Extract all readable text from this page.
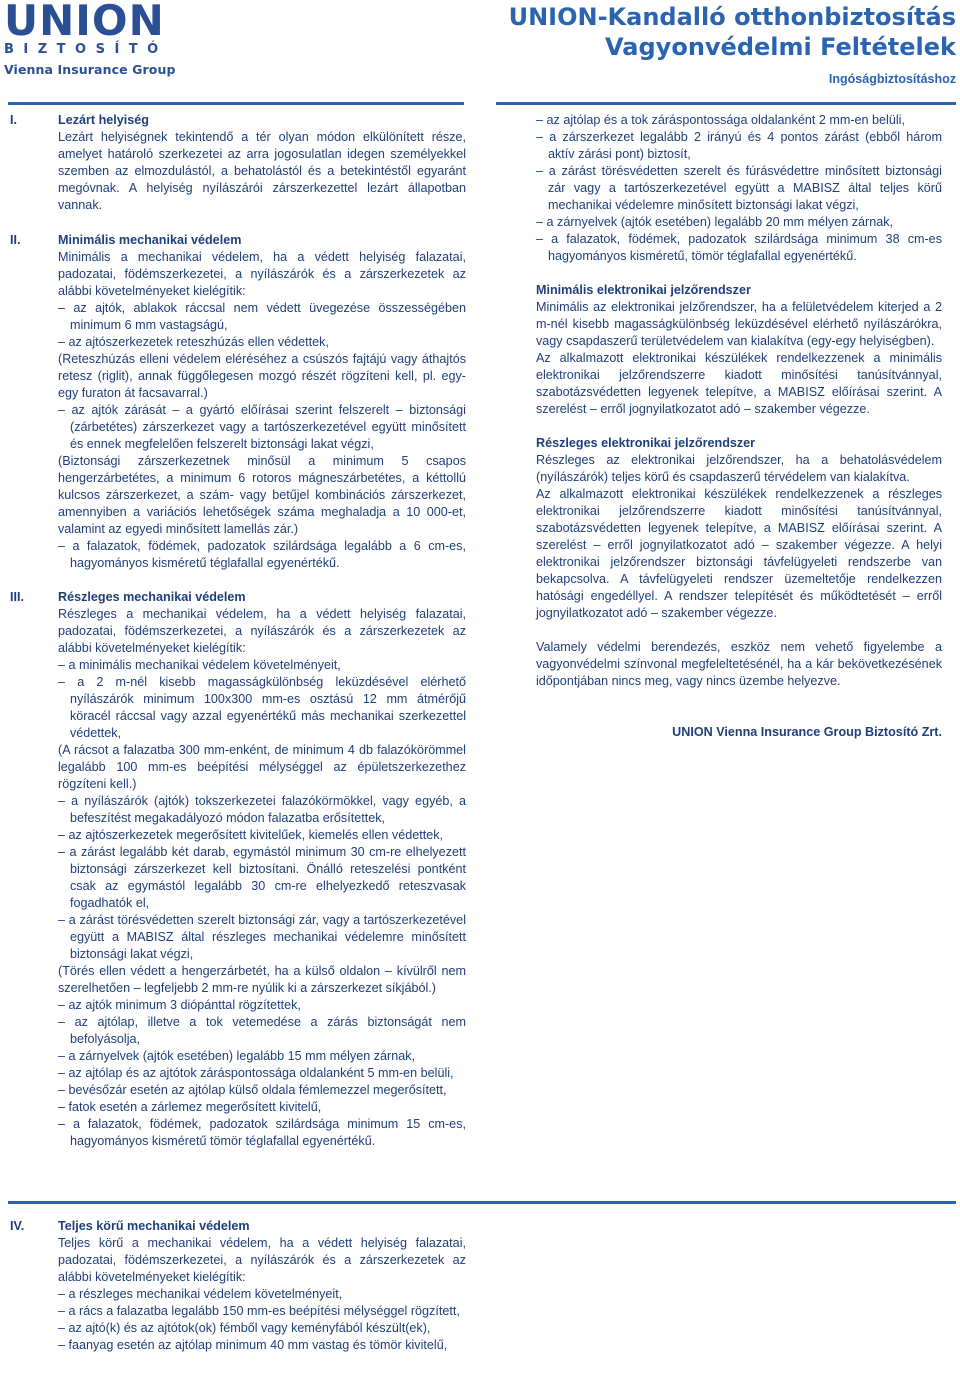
UNION
BIZTOSÍTÓ
Vienna Insurance Group
UNION-Kandalló otthonbiztosítás
Vagyonvédelmi Feltételek
Ingóságbiztosításhoz
I.	Lezárt helyiség

Lezárt helyiségnek tekintendő a tér olyan módon elkülönített része, amelyet határoló szerkezetei az arra jogosulatlan idegen személyekkel szemben az elmozdulástól, a behatolástól és a betekintéstől egyaránt megóvnak. A helyiség nyílászárói zárszerkezettel lezárt állapotban vannak.

II.	Minimális mechanikai védelem

Minimális a mechanikai védelem, ha a védett helyiség falazatai, padozatai, födémszerkezetei, a nyílászárók és a zárszerkezetek az alábbi követelményeket kielégítik:

– az ajtók, ablakok ráccsal nem védett üvegezése összességében minimum 6 mm vastagságú,

– az ajtószerkezetek reteszhúzás ellen védettek,

(Reteszhúzás elleni védelem eléréséhez a csúszós fajtájú vagy áthajtós retesz (riglit), annak függőlegesen mozgó részét rögzíteni kell, pl. egy-egy furaton át facsavarral.)

– az ajtók zárását – a gyártó előírásai szerint felszerelt – biztonsági (zárbetétes) zárszerkezet vagy a tartószerkezetével együtt minősített és ennek megfelelően felszerelt biztonsági lakat végzi,

(Biztonsági zárszerkezetnek minősül a minimum 5 csapos hengerzárbetétes, a minimum 6 rotoros mágneszárbetétes, a kéttollú kulcsos zárszerkezet, a szám- vagy betűjel kombinációs zárszerkezet, amennyiben a variációs lehetőségek száma meghaladja a 10 000-et, valamint az egyedi minősített lamellás zár.)

– a falazatok, födémek, padozatok szilárdsága legalább a 6 cm-es, hagyományos kisméretű téglafallal egyenértékű.

III.	Részleges mechanikai védelem

Részleges a mechanikai védelem, ha a védett helyiség falazatai, padozatai, födémszerkezetei, a nyílászárók és a zárszerkezetek az alábbi követelményeket kielégítik:

– a minimális mechanikai védelem követelményeit,

– a 2 m-nél kisebb magasságkülönbség leküzdésével elérhető nyílászárók minimum 100x300 mm-es osztású 12 mm átmérőjű köracél ráccsal vagy azzal egyenértékű más mechanikai szerkezettel védettek,

(A rácsot a falazatba 300 mm-enként, de minimum 4 db falazókörömmel legalább 100 mm-es beépítési mélységgel az épületszerkezethez rögzíteni kell.)

– a nyílászárók (ajtók) tokszerkezetei falazókörmökkel, vagy egyéb, a befeszítést megakadályozó módon falazatba erősítettek,

– az ajtószerkezetek megerősített kivitelűek, kiemelés ellen védettek,

– a zárást legalább két darab, egymástól minimum 30 cm-re elhelyezett biztonsági zárszerkezet kell biztosítani. Önálló reteszelési pontként csak az egymástól legalább 30 cm-re elhelyezkedő reteszvasak fogadhatók el,

– a zárást törésvédetten szerelt biztonsági zár, vagy a tartószerkezetével együtt a MABISZ által részleges mechanikai védelemre minősített biztonsági lakat végzi,

(Törés ellen védett a hengerzárbetét, ha a külső oldalon – kívülről nem szerelhetően – legfeljebb 2 mm-re nyúlik ki a zárszerkezet síkjából.)

– az ajtók minimum 3 diópánttal rögzítettek,

– az ajtólap, illetve a tok vetemedése a zárás biztonságát nem befolyásolja,

– a zárnyelvek (ajtók esetében) legalább 15 mm mélyen zárnak,

– az ajtólap és az ajtótok záráspontossága oldalanként 5 mm-en belüli,

– bevésőzár esetén az ajtólap külső oldala fémlemezzel megerősített,

– fatok esetén a zárlemez megerősített kivitelű,

– a falazatok, födémek, padozatok szilárdsága minimum 15 cm-es, hagyományos kisméretű tömör téglafallal egyenértékű.

IV.	Teljes körű mechanikai védelem

Teljes körű a mechanikai védelem, ha a védett helyiség falazatai, padozatai, födémszerkezetei, a nyílászárók és a zárszerkezetek az alábbi követelményeket kielégítik:

– a részleges mechanikai védelem követelményeit,

– a rács a falazatba legalább 150 mm-es beépítési mélységgel rögzített,

– az ajtó(k) és az ajtótok(ok) fémből vagy keményfából készült(ek),

– faanyag esetén az ajtólap minimum 40 mm vastag és tömör kivitelű,

– az ajtólap és a tok záráspontossága oldalanként 2 mm-en belüli,

– a zárszerkezet legalább 2 irányú és 4 pontos zárást (ebből három aktív zárási pont) biztosít,

– a zárást törésvédetten szerelt és fúrásvédettre minősített biztonsági zár vagy a tartószerkezetével együtt a MABISZ által teljes körű mechanikai védelemre minősített biztonsági lakat végzi,

– a zárnyelvek (ajtók esetében) legalább 20 mm mélyen zárnak,

– a falazatok, födémek, padozatok szilárdsága minimum 38 cm-es hagyományos kisméretű, tömör téglafallal egyenértékű.

Minimális elektronikai jelzőrendszer

Minimális az elektronikai jelzőrendszer, ha a felületvédelem kiterjed a 2 m-nél kisebb magasságkülönbség leküzdésével elérhető nyílászárókra, vagy csapdaszerű területvédelem van kialakítva (egy-egy helyiségben).

Az alkalmazott elektronikai készülékek rendelkezzenek a minimális elektronikai jelzőrendszerre kiadott minősítési tanúsítvánnyal, szabotázsvédetten legyenek telepítve, a MABISZ előírásai szerint. A szerelést – erről jognyilatkozatot adó – szakember végezze.

Részleges elektronikai jelzőrendszer

Részleges az elektronikai jelzőrendszer, ha a behatolásvédelem (nyílászárók) teljes körű és csapdaszerű térvédelem van kialakítva.

Az alkalmazott elektronikai készülékek rendelkezzenek a részleges elektronikai jelzőrendszerre kiadott minősítési tanúsítvánnyal, szabotázsvédetten legyenek telepítve, a MABISZ előírásai szerint. A szerelést – erről jognyilatkozatot adó – szakember végezze. A helyi elektronikai jelzőrendszer biztonsági távfelügyeleti rendszerbe van bekapcsolva. A távfelügyeleti rendszer üzemeltetője rendelkezzen hatósági engedéllyel. A rendszer telepítését és működtetését – erről jognyilatkozatot adó – szakember végezze.

Valamely védelmi berendezés, eszköz nem vehető figyelembe a vagyonvédelmi színvonal megfeleltetésénél, ha a kár bekövetkezésének időpontjában nincs meg, vagy nincs üzembe helyezve.

UNION Vienna Insurance Group Biztosító Zrt.
